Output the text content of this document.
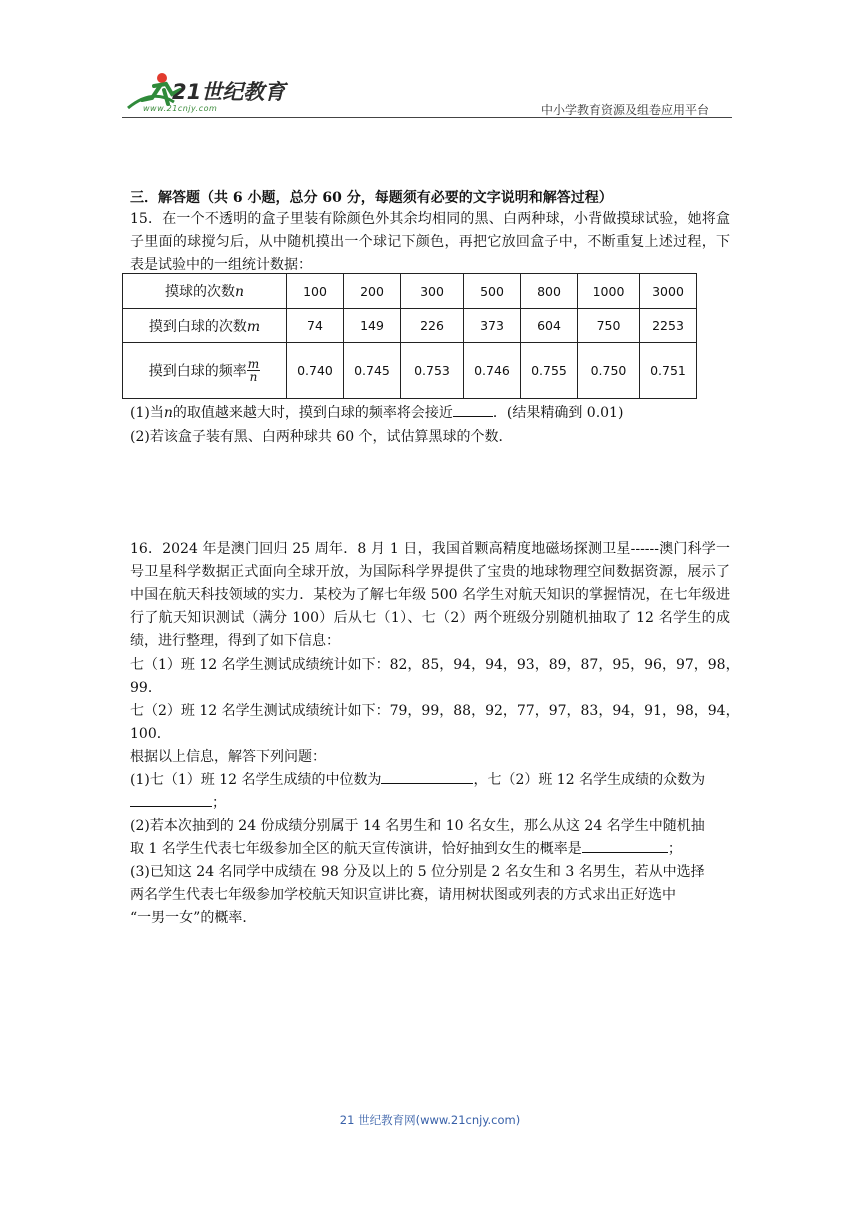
21世纪教育
www.21cnjy.com	中小学教育资源及组卷应用平台
三．解答题（共 6 小题，总分 60 分，每题须有必要的文字说明和解答过程）
15．在一个不透明的盒子里装有除颜色外其余均相同的黑、白两种球，小背做摸球试验，她将盒子里面的球搅匀后，从中随机摸出一个球记下颜色，再把它放回盒子中，不断重复上述过程，下表是试验中的一组统计数据：
摸球的次数n	100	200	300	500	800	1000	3000
摸到白球的次数m	74	149	226	373	604	750	2253
摸到白球的频率 $\frac{m}{n}$	0.740	0.745	0.753	0.746	0.755	0.750	0.751
(1)当n的取值越来越大时，摸到白球的频率将会接近	．(结果精确到 0.01)
(2)若该盒子装有黑、白两种球共 60 个，试估算黑球的个数．
16．2024 年是澳门回归 25 周年．8 月 1 日，我国首颗高精度地磁场探测卫星------澳门科学一号卫星科学数据正式面向全球开放，为国际科学界提供了宝贵的地球物理空间数据资源，展示了中国在航天科技领域的实力．某校为了解七年级 500 名学生对航天知识的掌握情况，在七年级进行了航天知识测试（满分 100）后从七（1）、七（2）两个班级分别随机抽取了 12 名学生的成绩，进行整理，得到了如下信息：
七（1）班 12 名学生测试成绩统计如下：82，85，94，94，93，89，87，95，96，97，98，
99．
七（2）班 12 名学生测试成绩统计如下：79，99，88，92，77，97，83，94，91，98，94，
100．
根据以上信息，解答下列问题：
(1)七（1）班 12 名学生成绩的中位数为	，七（2）班 12 名学生成绩的众数为
；
(2)若本次抽到的 24 份成绩分别属于 14 名男生和 10 名女生，那么从这 24 名学生中随机抽
取 1 名学生代表七年级参加全区的航天宣传演讲，恰好抽到女生的概率是	；
(3)已知这 24 名同学中成绩在 98 分及以上的 5 位分别是 2 名女生和 3 名男生，若从中选择
两名学生代表七年级参加学校航天知识宣讲比赛，请用树状图或列表的方式求出正好选中
“一男一女”的概率．
21 世纪教育网(www.21cnjy.com)
